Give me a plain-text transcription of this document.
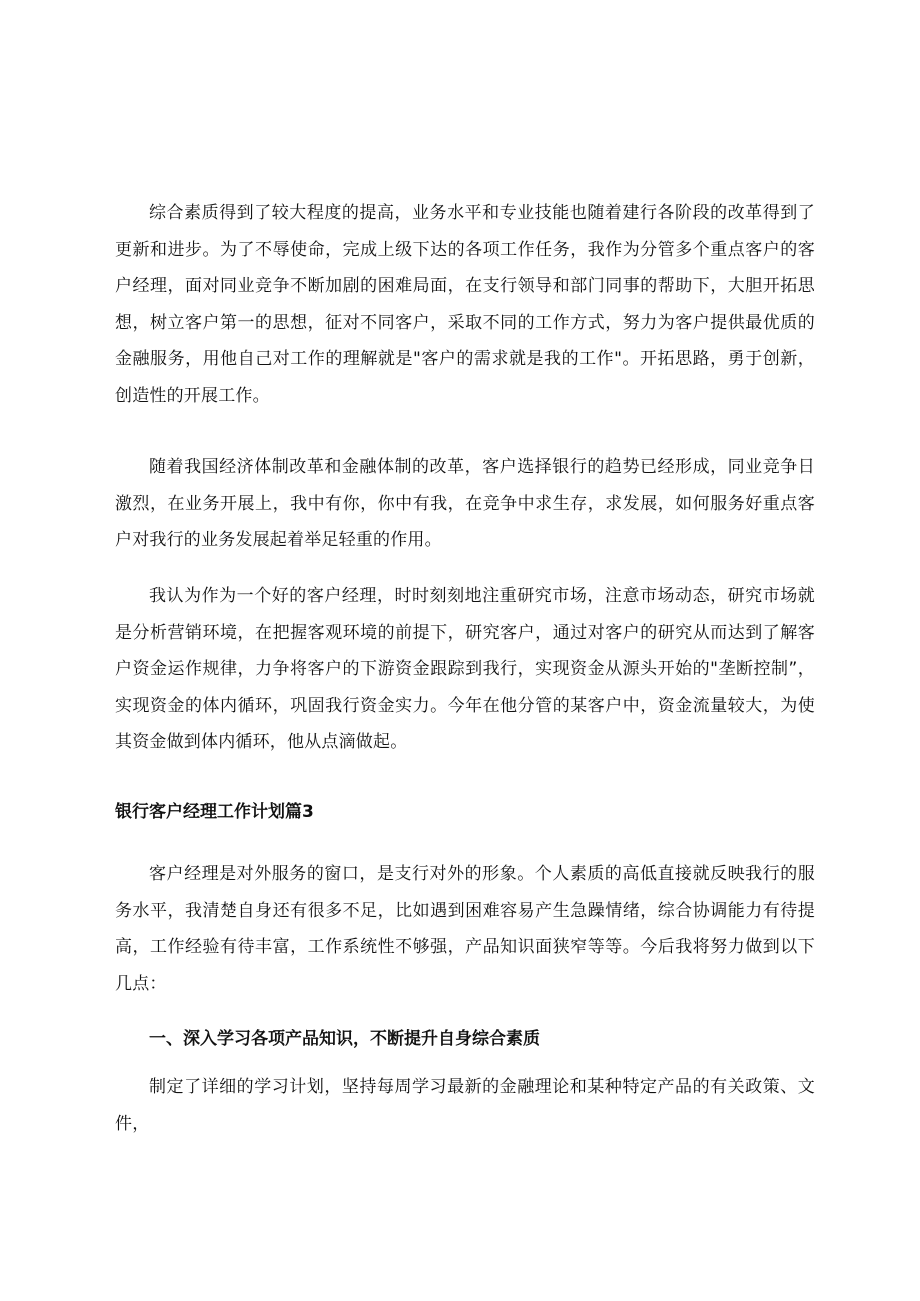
综合素质得到了较大程度的提高，业务水平和专业技能也随着建行各阶段的改革得到了更新和进步。为了不辱使命，完成上级下达的各项工作任务，我作为分管多个重点客户的客户经理，面对同业竞争不断加剧的困难局面，在支行领导和部门同事的帮助下，大胆开拓思想，树立客户第一的思想，征对不同客户，采取不同的工作方式，努力为客户提供最优质的金融服务，用他自己对工作的理解就是"客户的需求就是我的工作"。开拓思路，勇于创新，创造性的开展工作。

随着我国经济体制改革和金融体制的改革，客户选择银行的趋势已经形成，同业竞争日激烈，在业务开展上，我中有你，你中有我，在竞争中求生存，求发展，如何服务好重点客户对我行的业务发展起着举足轻重的作用。

我认为作为一个好的客户经理，时时刻刻地注重研究市场，注意市场动态，研究市场就是分析营销环境，在把握客观环境的前提下，研究客户，通过对客户的研究从而达到了解客户资金运作规律，力争将客户的下游资金跟踪到我行，实现资金从源头开始的"垄断控制”，实现资金的体内循环，巩固我行资金实力。今年在他分管的某客户中，资金流量较大，为使其资金做到体内循环，他从点滴做起。

银行客户经理工作计划篇3

客户经理是对外服务的窗口，是支行对外的形象。个人素质的高低直接就反映我行的服务水平，我清楚自身还有很多不足，比如遇到困难容易产生急躁情绪，综合协调能力有待提高，工作经验有待丰富，工作系统性不够强，产品知识面狭窄等等。今后我将努力做到以下几点：

一、深入学习各项产品知识，不断提升自身综合素质

制定了详细的学习计划，坚持每周学习最新的金融理论和某种特定产品的有关政策、文件，
